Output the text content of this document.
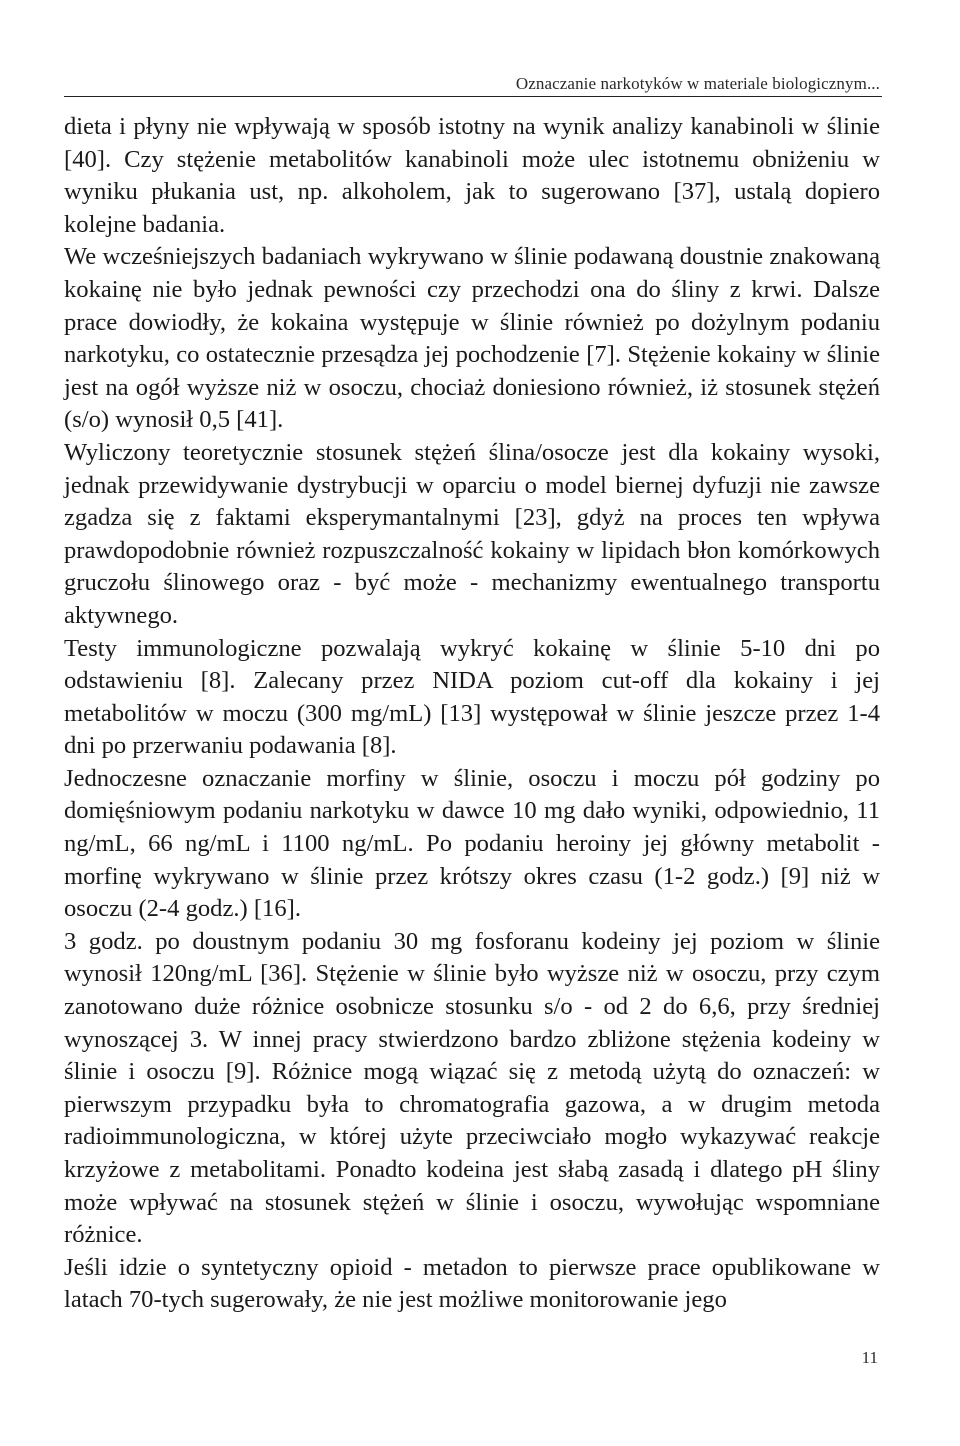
Oznaczanie narkotyków w materiale biologicznym...

dieta i płyny nie wpływają w sposób istotny na wynik analizy kanabinoli w ślinie [40]. Czy stężenie metabolitów kanabinoli może ulec istotnemu obniżeniu w wyniku płukania ust, np. alkoholem, jak to sugerowano [37], ustalą dopiero kolejne badania.

We wcześniejszych badaniach wykrywano w ślinie podawaną doustnie znakowaną kokainę nie było jednak pewności czy przechodzi ona do śliny z krwi. Dalsze prace dowiodły, że kokaina występuje w ślinie również po dożylnym podaniu narkotyku, co ostatecznie przesądza jej pochodzenie [7]. Stężenie kokainy w ślinie jest na ogół wyższe niż w osoczu, chociaż doniesiono również, iż stosunek stężeń (s/o) wynosił 0,5 [41].

Wyliczony teoretycznie stosunek stężeń ślina/osocze jest dla kokainy wysoki, jednak przewidywanie dystrybucji w oparciu o model biernej dyfuzji nie zawsze zgadza się z faktami eksperymantalnymi [23], gdyż na proces ten wpływa prawdopodobnie również rozpuszczalność kokainy w lipidach błon komórkowych gruczołu ślinowego oraz - być może - mechanizmy ewentualnego transportu aktywnego.

Testy immunologiczne pozwalają wykryć kokainę w ślinie 5-10 dni po odstawieniu [8]. Zalecany przez NIDA poziom cut-off dla kokainy i jej metabolitów w moczu (300 mg/mL) [13] występował w ślinie jeszcze przez 1-4 dni po przerwaniu podawania [8].

Jednoczesne oznaczanie morfiny w ślinie, osoczu i moczu pół godziny po domięśniowym podaniu narkotyku w dawce 10 mg dało wyniki, odpowiednio, 11 ng/mL, 66 ng/mL i 1100 ng/mL. Po podaniu heroiny jej główny metabolit - morfinę wykrywano w ślinie przez krótszy okres czasu (1-2 godz.) [9] niż w osoczu (2-4 godz.) [16].

3 godz. po doustnym podaniu 30 mg fosforanu kodeiny jej poziom w ślinie wynosił 120ng/mL [36]. Stężenie w ślinie było wyższe niż w osoczu, przy czym zanotowano duże różnice osobnicze stosunku s/o - od 2 do 6,6, przy średniej wynoszącej 3. W innej pracy stwierdzono bardzo zbliżone stężenia kodeiny w ślinie i osoczu [9]. Różnice mogą wiązać się z metodą użytą do oznaczeń: w pierwszym przypadku była to chromatografia gazowa, a w drugim metoda radioimmunologiczna, w której użyte przeciwciało mogło wykazywać reakcje krzyżowe z metabolitami. Ponadto kodeina jest słabą zasadą i dlatego pH śliny może wpływać na stosunek stężeń w ślinie i osoczu, wywołując wspomniane różnice.

Jeśli idzie o syntetyczny opioid - metadon to pierwsze prace opublikowane w latach 70-tych sugerowały, że nie jest możliwe monitorowanie jego

11
